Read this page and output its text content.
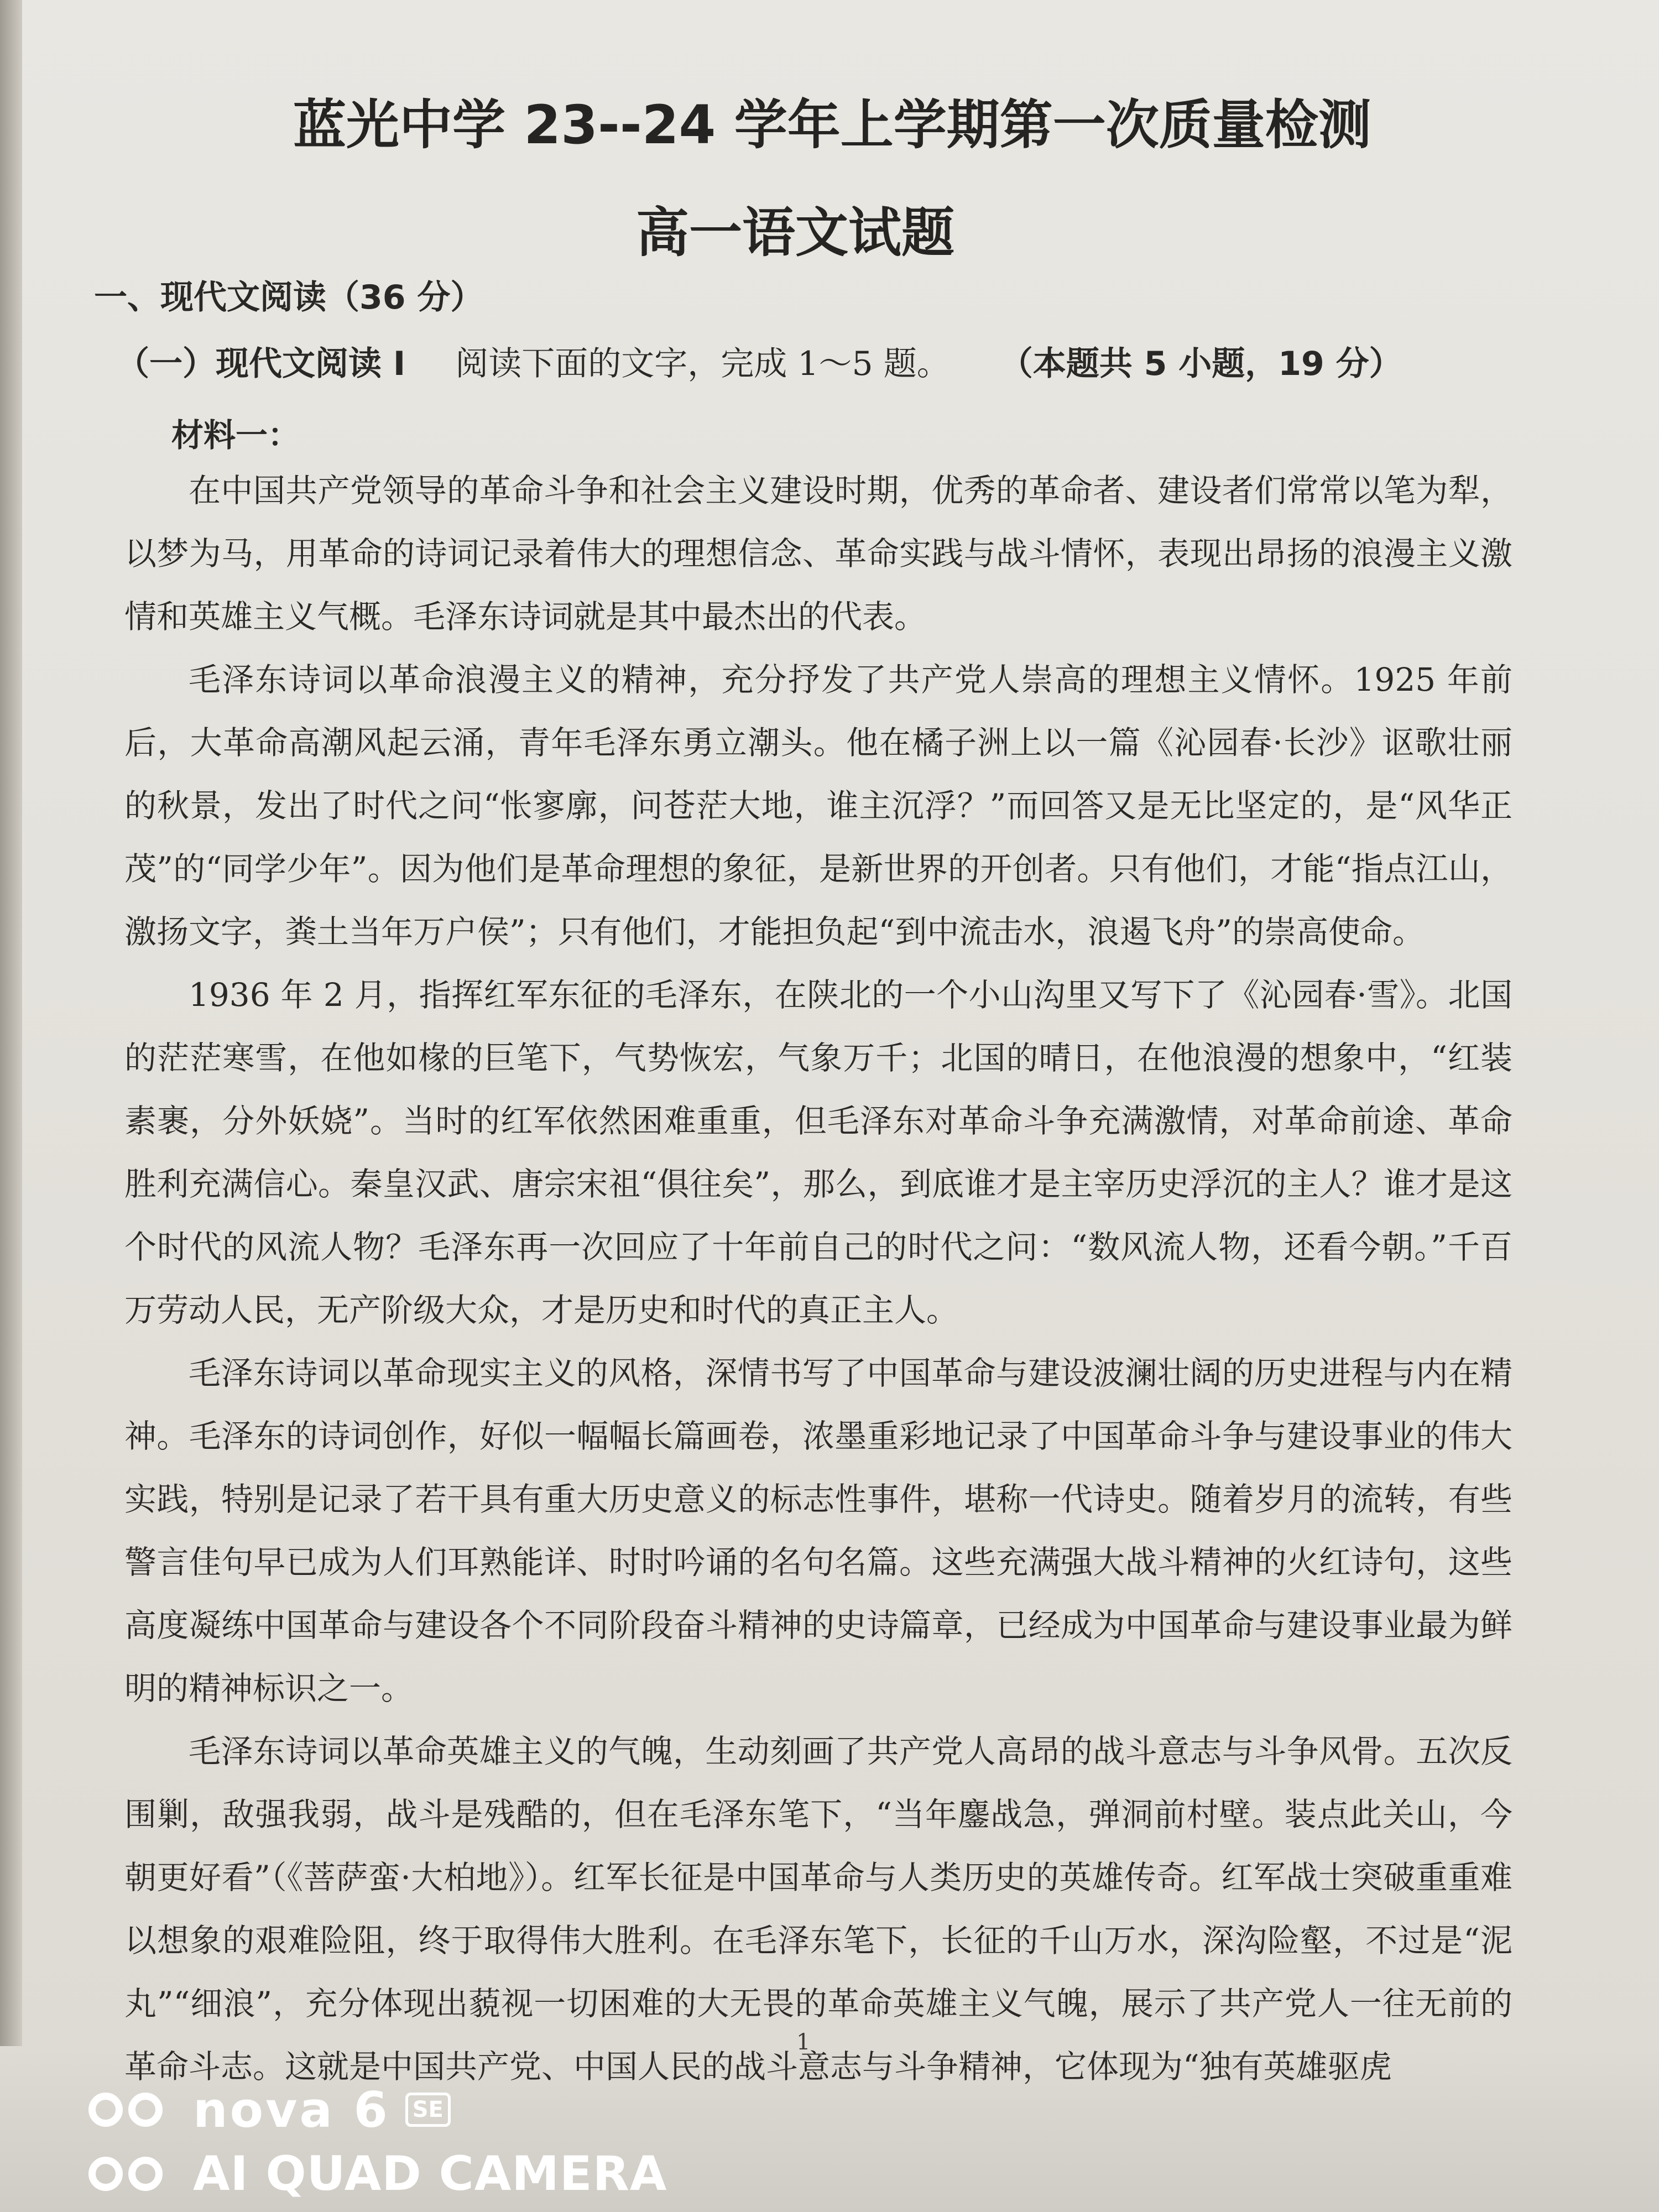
蓝光中学 23--24 学年上学期第一次质量检测
高一语文试题
一、现代文阅读（36 分）
（一）现代文阅读 I 阅读下面的文字，完成 1～5 题。 （本题共 5 小题，19 分）
材料一：

在中国共产党领导的革命斗争和社会主义建设时期，优秀的革命者、建设者们常常以笔为犁，以梦为马，用革命的诗词记录着伟大的理想信念、革命实践与战斗情怀，表现出昂扬的浪漫主义激情和英雄主义气概。毛泽东诗词就是其中最杰出的代表。

毛泽东诗词以革命浪漫主义的精神，充分抒发了共产党人崇高的理想主义情怀。1925 年前后，大革命高潮风起云涌，青年毛泽东勇立潮头。他在橘子洲上以一篇《沁园春·长沙》讴歌壮丽的秋景，发出了时代之问“怅寥廓，问苍茫大地，谁主沉浮？”而回答又是无比坚定的，是“风华正茂”的“同学少年”。因为他们是革命理想的象征，是新世界的开创者。只有他们，才能“指点江山，激扬文字，粪土当年万户侯”；只有他们，才能担负起“到中流击水，浪遏飞舟”的崇高使命。

1936 年 2 月，指挥红军东征的毛泽东，在陕北的一个小山沟里又写下了《沁园春·雪》。北国的茫茫寒雪，在他如椽的巨笔下，气势恢宏，气象万千；北国的晴日，在他浪漫的想象中，“红装素裹，分外妖娆”。当时的红军依然困难重重，但毛泽东对革命斗争充满激情，对革命前途、革命胜利充满信心。秦皇汉武、唐宗宋祖“俱往矣”，那么，到底谁才是主宰历史浮沉的主人？谁才是这个时代的风流人物？毛泽东再一次回应了十年前自己的时代之问：“数风流人物，还看今朝。”千百万劳动人民，无产阶级大众，才是历史和时代的真正主人。

毛泽东诗词以革命现实主义的风格，深情书写了中国革命与建设波澜壮阔的历史进程与内在精神。毛泽东的诗词创作，好似一幅幅长篇画卷，浓墨重彩地记录了中国革命斗争与建设事业的伟大实践，特别是记录了若干具有重大历史意义的标志性事件，堪称一代诗史。随着岁月的流转，有些警言佳句早已成为人们耳熟能详、时时吟诵的名句名篇。这些充满强大战斗精神的火红诗句，这些高度凝练中国革命与建设各个不同阶段奋斗精神的史诗篇章，已经成为中国革命与建设事业最为鲜明的精神标识之一。

毛泽东诗词以革命英雄主义的气魄，生动刻画了共产党人高昂的战斗意志与斗争风骨。五次反围剿，敌强我弱，战斗是残酷的，但在毛泽东笔下，“当年鏖战急，弹洞前村壁。装点此关山，今朝更好看”（《菩萨蛮·大柏地》）。红军长征是中国革命与人类历史的英雄传奇。红军战士突破重重难以想象的艰难险阻，终于取得伟大胜利。在毛泽东笔下，长征的千山万水，深沟险壑，不过是“泥丸”“细浪”，充分体现出藐视一切困难的大无畏的革命英雄主义气魄，展示了共产党人一往无前的革命斗志。这就是中国共产党、中国人民的战斗意志与斗争精神，它体现为“独有英雄驱虎

1
nova 6	SE
AI QUAD CAMERA
